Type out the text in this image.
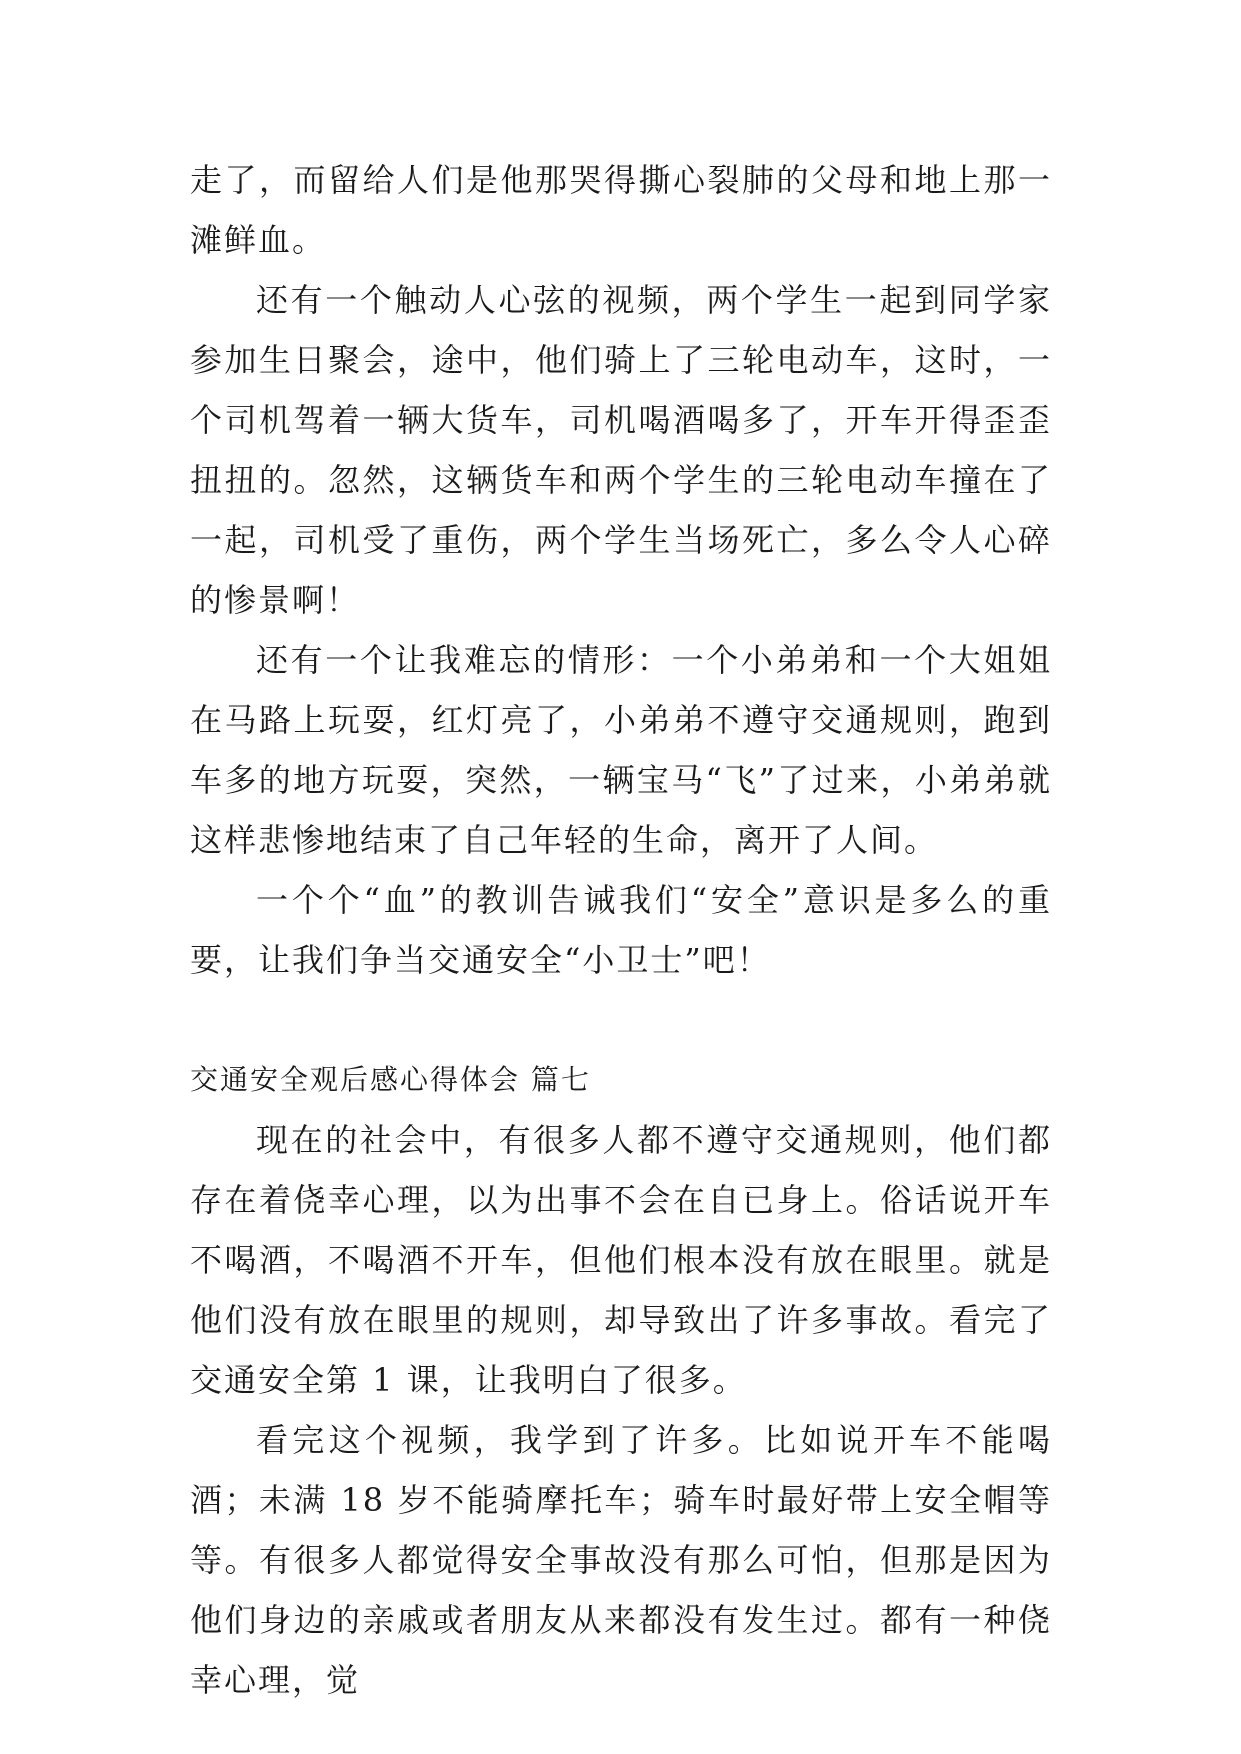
走了，而留给人们是他那哭得撕心裂肺的父母和地上那一滩鲜血。

还有一个触动人心弦的视频，两个学生一起到同学家参加生日聚会，途中，他们骑上了三轮电动车，这时，一个司机驾着一辆大货车，司机喝酒喝多了，开车开得歪歪扭扭的。忽然，这辆货车和两个学生的三轮电动车撞在了一起，司机受了重伤，两个学生当场死亡，多么令人心碎的惨景啊！

还有一个让我难忘的情形：一个小弟弟和一个大姐姐在马路上玩耍，红灯亮了，小弟弟不遵守交通规则，跑到车多的地方玩耍，突然，一辆宝马“飞”了过来，小弟弟就这样悲惨地结束了自己年轻的生命，离开了人间。

一个个“血”的教训告诫我们“安全”意识是多么的重要，让我们争当交通安全“小卫士”吧！

交通安全观后感心得体会 篇七

现在的社会中，有很多人都不遵守交通规则，他们都存在着侥幸心理，以为出事不会在自已身上。俗话说开车不喝酒，不喝酒不开车，但他们根本没有放在眼里。就是他们没有放在眼里的规则，却导致出了许多事故。看完了交通安全第 1 课，让我明白了很多。

看完这个视频，我学到了许多。比如说开车不能喝酒；未满 18 岁不能骑摩托车；骑车时最好带上安全帽等等。有很多人都觉得安全事故没有那么可怕，但那是因为他们身边的亲戚或者朋友从来都没有发生过。都有一种侥幸心理，觉
